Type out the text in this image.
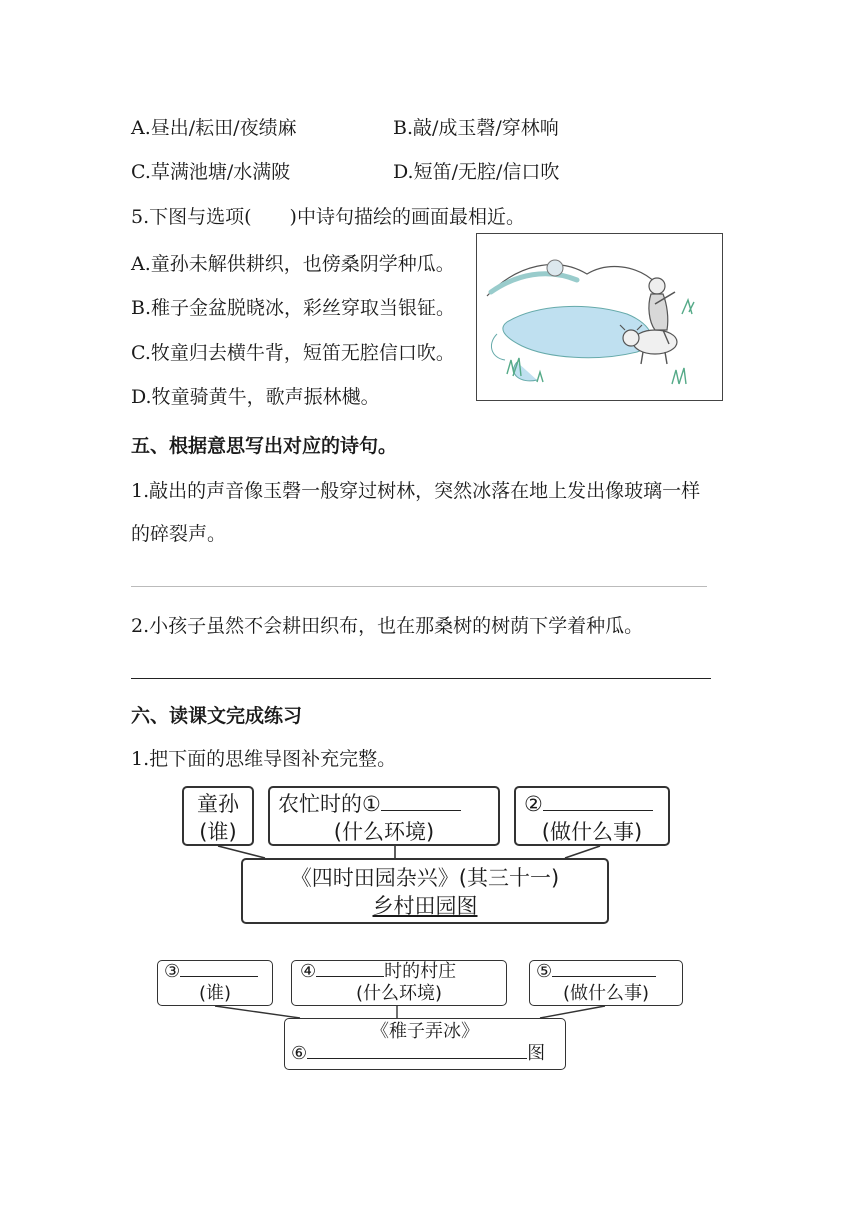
A.昼出/耘田/夜绩麻	B.敲/成玉磬/穿林响
C.草满池塘/水满陂	D.短笛/无腔/信口吹
5.下图与选项(　　)中诗句描绘的画面最相近。
A.童孙未解供耕织，也傍桑阴学种瓜。
B.稚子金盆脱晓冰，彩丝穿取当银钲。
C.牧童归去横牛背，短笛无腔信口吹。
D.牧童骑黄牛，歌声振林樾。
五、根据意思写出对应的诗句。
1.敲出的声音像玉磬一般穿过树林，突然冰落在地上发出像玻璃一样
的碎裂声。
2.小孩子虽然不会耕田织布，也在那桑树的树荫下学着种瓜。
六、读课文完成练习
1.把下面的思维导图补充完整。
童孙
(谁)
农忙时的①
(什么环境)
②
(做什么事)
《四时田园杂兴》(其三十一)
乡村田园图
③
(谁)
④	时的村庄
(什么环境)
⑤
(做什么事)
《稚子弄冰》
⑥	图
